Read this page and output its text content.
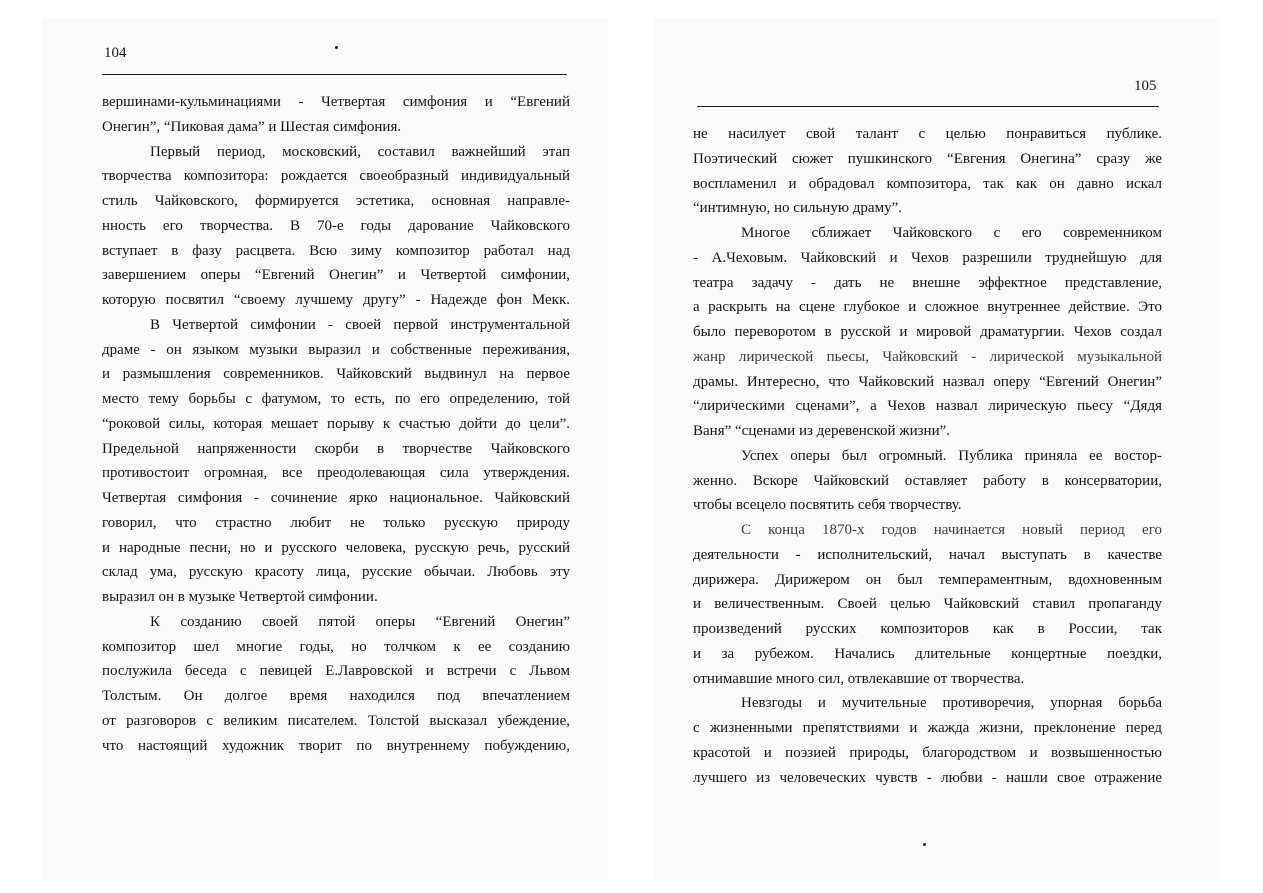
104
105
вершинами-кульминациями - Четвертая симфония и “Евгений
Онегин”, “Пиковая дама” и Шестая симфония.
Первый период, московский, составил важнейший этап
творчества композитора: рождается своеобразный индивидуальный
стиль Чайковского, формируется эстетика, основная направле-
нность его творчества. В 70-е годы дарование Чайковского
вступает в фазу расцвета. Всю зиму композитор работал над
завершением оперы “Евгений Онегин” и Четвертой симфонии,
которую посвятил “своему лучшему другу” - Надежде фон Мекк.
В Четвертой симфонии - своей первой инструментальной
драме - он языком музыки выразил и собственные переживания,
и размышления современников. Чайковский выдвинул на первое
место тему борьбы с фатумом, то есть, по его определению, той
“роковой силы, которая мешает порыву к счастью дойти до цели”.
Предельной напряженности скорби в творчестве Чайковского
противостоит огромная, все преодолевающая сила утверждения.
Четвертая симфония - сочинение ярко национальное. Чайковский
говорил, что страстно любит не только русскую природу
и народные песни, но и русского человека, русскую речь, русский
склад ума, русскую красоту лица, русские обычаи. Любовь эту
выразил он в музыке Четвертой симфонии.
К созданию своей пятой оперы “Евгений Онегин”
композитор шел многие годы, но толчком к ее созданию
послужила беседа с певицей Е.Лавровской и встречи с Львом
Толстым. Он долгое время находился под впечатлением
от разговоров с великим писателем. Толстой высказал убеждение,
что настоящий художник творит по внутреннему побуждению,
не насилует свой талант с целью понравиться публике.
Поэтический сюжет пушкинского “Евгения Онегина” сразу же
воспламенил и обрадовал композитора, так как он давно искал
“интимную, но сильную драму”.
Многое сближает Чайковского с его современником
- А.Чеховым. Чайковский и Чехов разрешили труднейшую для
театра задачу - дать не внешне эффектное представление,
а раскрыть на сцене глубокое и сложное внутреннее действие. Это
было переворотом в русской и мировой драматургии. Чехов создал
жанр лирической пьесы, Чайковский - лирической музыкальной
драмы. Интересно, что Чайковский назвал оперу “Евгений Онегин”
“лирическими сценами”, а Чехов назвал лирическую пьесу “Дядя
Ваня” “сценами из деревенской жизни”.
Успех оперы был огромный. Публика приняла ее востор-
женно. Вскоре Чайковский оставляет работу в консерватории,
чтобы всецело посвятить себя творчеству.
С конца 1870-х годов начинается новый период его
деятельности - исполнительский, начал выступать в качестве
дирижера. Дирижером он был темпераментным, вдохновенным
и величественным. Своей целью Чайковский ставил пропаганду
произведений русских композиторов как в России, так
и за рубежом. Начались длительные концертные поездки,
отнимавшие много сил, отвлекавшие от творчества.
Невзгоды и мучительные противоречия, упорная борьба
с жизненными препятствиями и жажда жизни, преклонение перед
красотой и поэзией природы, благородством и возвышенностью
лучшего из человеческих чувств - любви - нашли свое отражение
